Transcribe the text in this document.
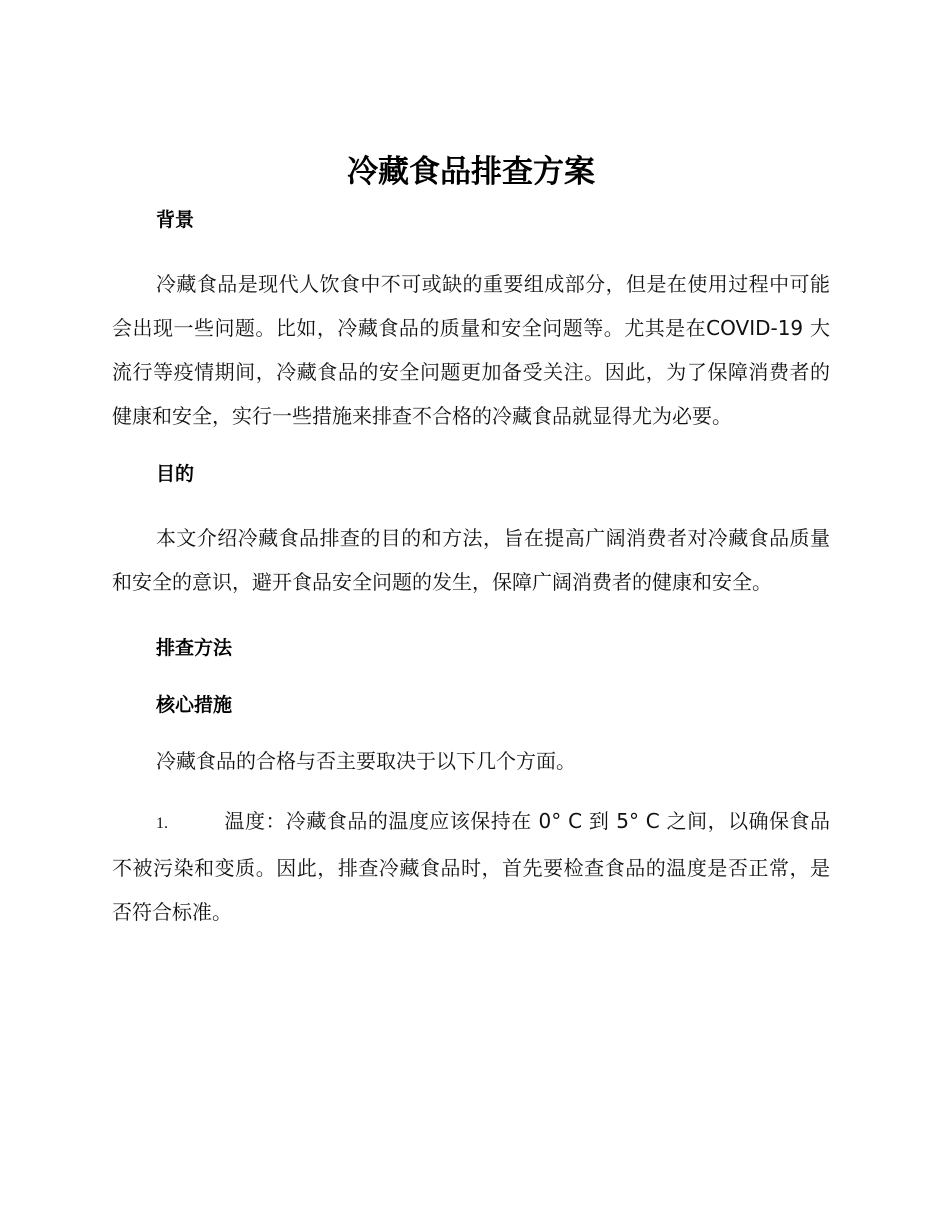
冷藏食品排查方案

背景

冷藏食品是现代人饮食中不可或缺的重要组成部分，但是在使用过程中可能会出现一些问题。比如，冷藏食品的质量和安全问题等。尤其是在COVID-19 大流行等疫情期间，冷藏食品的安全问题更加备受关注。因此，为了保障消费者的健康和安全，实行一些措施来排查不合格的冷藏食品就显得尤为必要。

目的

本文介绍冷藏食品排查的目的和方法，旨在提高广阔消费者对冷藏食品质量和安全的意识，避开食品安全问题的发生，保障广阔消费者的健康和安全。

排查方法

核心措施

冷藏食品的合格与否主要取决于以下几个方面。

1.	温度：冷藏食品的温度应该保持在 0° C 到 5° C 之间，以确保食品不被污染和变质。因此，排查冷藏食品时，首先要检查食品的温度是否正常，是否符合标准。
